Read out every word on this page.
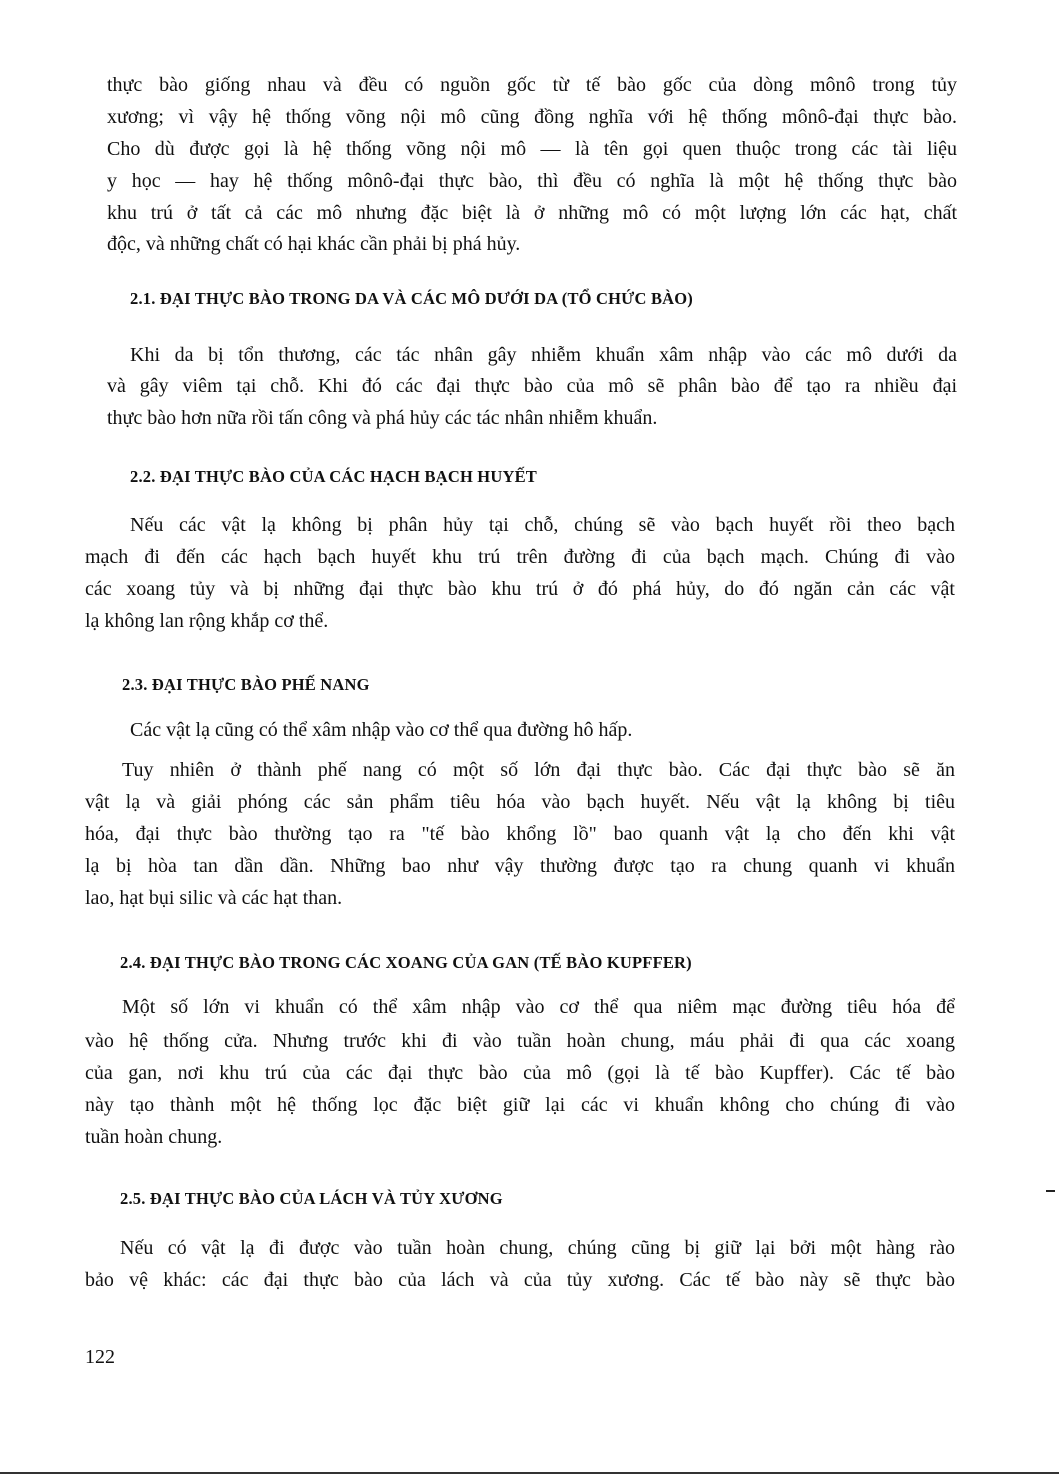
thực bào giống nhau và đều có nguồn gốc từ tế bào gốc của dòng mônô trong tủy
xương; vì vậy hệ thống võng nội mô cũng đồng nghĩa với hệ thống mônô-đại thực bào.
Cho dù được gọi là hệ thống võng nội mô — là tên gọi quen thuộc trong các tài liệu
y học — hay hệ thống mônô-đại thực bào, thì đều có nghĩa là một hệ thống thực bào
khu trú ở tất cả các mô nhưng đặc biệt là ở những mô có một lượng lớn các hạt, chất
độc, và những chất có hại khác cần phải bị phá hủy.
2.1. ĐẠI THỰC BÀO TRONG DA VÀ CÁC MÔ DƯỚI DA (TỔ CHỨC BÀO)
Khi da bị tổn thương, các tác nhân gây nhiễm khuẩn xâm nhập vào các mô dưới da
và gây viêm tại chỗ. Khi đó các đại thực bào của mô sẽ phân bào để tạo ra nhiều đại
thực bào hơn nữa rồi tấn công và phá hủy các tác nhân nhiễm khuẩn.
2.2. ĐẠI THỰC BÀO CỦA CÁC HẠCH BẠCH HUYẾT
Nếu các vật lạ không bị phân hủy tại chỗ, chúng sẽ vào bạch huyết rồi theo bạch
mạch đi đến các hạch bạch huyết khu trú trên đường đi của bạch mạch. Chúng đi vào
các xoang tủy và bị những đại thực bào khu trú ở đó phá hủy, do đó ngăn cản các vật
lạ không lan rộng khắp cơ thể.
2.3. ĐẠI THỰC BÀO PHẾ NANG
Các vật lạ cũng có thể xâm nhập vào cơ thể qua đường hô hấp.
Tuy nhiên ở thành phế nang có một số lớn đại thực bào. Các đại thực bào sẽ ăn
vật lạ và giải phóng các sản phẩm tiêu hóa vào bạch huyết. Nếu vật lạ không bị tiêu
hóa, đại thực bào thường tạo ra "tế bào khổng lồ" bao quanh vật lạ cho đến khi vật
lạ bị hòa tan dần dần. Những bao như vậy thường được tạo ra chung quanh vi khuẩn
lao, hạt bụi silic và các hạt than.
2.4. ĐẠI THỰC BÀO TRONG CÁC XOANG CỦA GAN (TẾ BÀO KUPFFER)
Một số lớn vi khuẩn có thể xâm nhập vào cơ thể qua niêm mạc đường tiêu hóa để
vào hệ thống cửa. Nhưng trước khi đi vào tuần hoàn chung, máu phải đi qua các xoang
của gan, nơi khu trú của các đại thực bào của mô (gọi là tế bào Kupffer). Các tế bào
này tạo thành một hệ thống lọc đặc biệt giữ lại các vi khuẩn không cho chúng đi vào
tuần hoàn chung.
2.5. ĐẠI THỰC BÀO CỦA LÁCH VÀ TỦY XƯƠNG
Nếu có vật lạ đi được vào tuần hoàn chung, chúng cũng bị giữ lại bởi một hàng rào
bảo vệ khác: các đại thực bào của lách và của tủy xương. Các tế bào này sẽ thực bào
122
